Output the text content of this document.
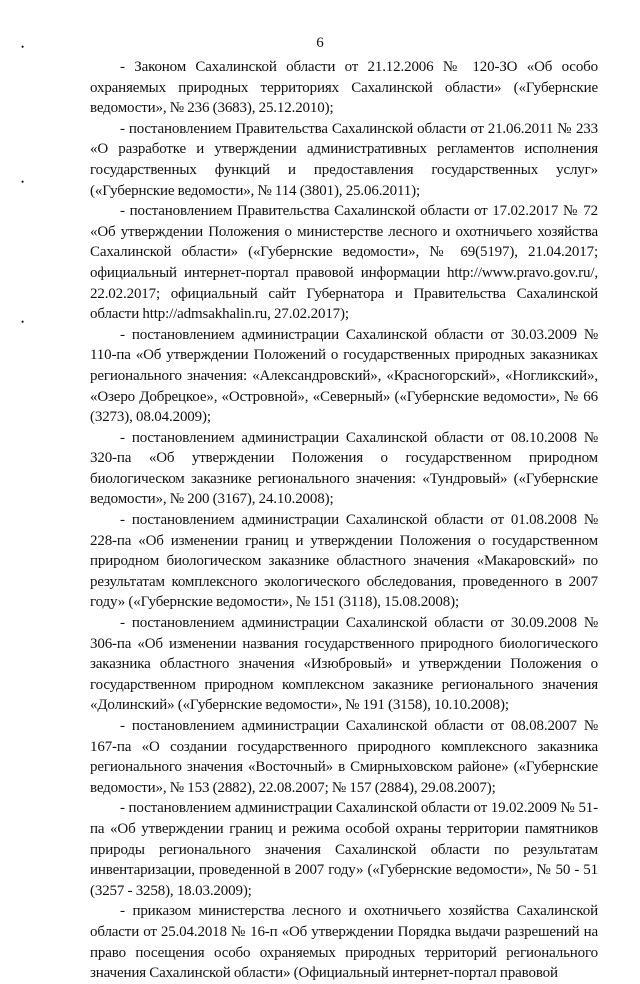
6
•
•
•

- Законом Сахалинской области от 21.12.2006 № 120-ЗО «Об особо охраняемых природных территориях Сахалинской области» («Губернские ведомости», № 236 (3683), 25.12.2010);

- постановлением Правительства Сахалинской области от 21.06.2011 № 233 «О разработке и утверждении административных регламентов исполнения государственных функций и предоставления государственных услуг» («Губернские ведомости», № 114 (3801), 25.06.2011);

- постановлением Правительства Сахалинской области от 17.02.2017 № 72 «Об утверждении Положения о министерстве лесного и охотничьего хозяйства Сахалинской области» («Губернские ведомости», № 69(5197), 21.04.2017; официальный интернет-портал правовой информации http://www.pravo.gov.ru/, 22.02.2017; официальный сайт Губернатора и Правительства Сахалинской области http://admsakhalin.ru, 27.02.2017);

- постановлением администрации Сахалинской области от 30.03.2009 № 110-па «Об утверждении Положений о государственных природных заказниках регионального значения: «Александровский», «Красногорский», «Ногликский», «Озеро Добрецкое», «Островной», «Северный» («Губернские ведомости», № 66 (3273), 08.04.2009);

- постановлением администрации Сахалинской области от 08.10.2008 № 320-па «Об утверждении Положения о государственном природном биологическом заказнике регионального значения: «Тундровый» («Губернские ведомости», № 200 (3167), 24.10.2008);

- постановлением администрации Сахалинской области от 01.08.2008 № 228-па «Об изменении границ и утверждении Положения о государственном природном биологическом заказнике областного значения «Макаровский» по результатам комплексного экологического обследования, проведенного в 2007 году» («Губернские ведомости», № 151 (3118), 15.08.2008);

- постановлением администрации Сахалинской области от 30.09.2008 № 306-па «Об изменении названия государственного природного биологического заказника областного значения «Изюбровый» и утверждении Положения о государственном природном комплексном заказнике регионального значения «Долинский» («Губернские ведомости», № 191 (3158), 10.10.2008);

- постановлением администрации Сахалинской области от 08.08.2007 № 167-па «О создании государственного природного комплексного заказника регионального значения «Восточный» в Смирныховском районе» («Губернские ведомости», № 153 (2882), 22.08.2007; № 157 (2884), 29.08.2007);

- постановлением администрации Сахалинской области от 19.02.2009 № 51-па «Об утверждении границ и режима особой охраны территории памятников природы регионального значения Сахалинской области по результатам инвентаризации, проведенной в 2007 году» («Губернские ведомости», № 50 - 51 (3257 - 3258), 18.03.2009);

- приказом министерства лесного и охотничьего хозяйства Сахалинской области от 25.04.2018 № 16-п «Об утверждении Порядка выдачи разрешений на право посещения особо охраняемых природных территорий регионального значения Сахалинской области» (Официальный интернет-портал правовой
